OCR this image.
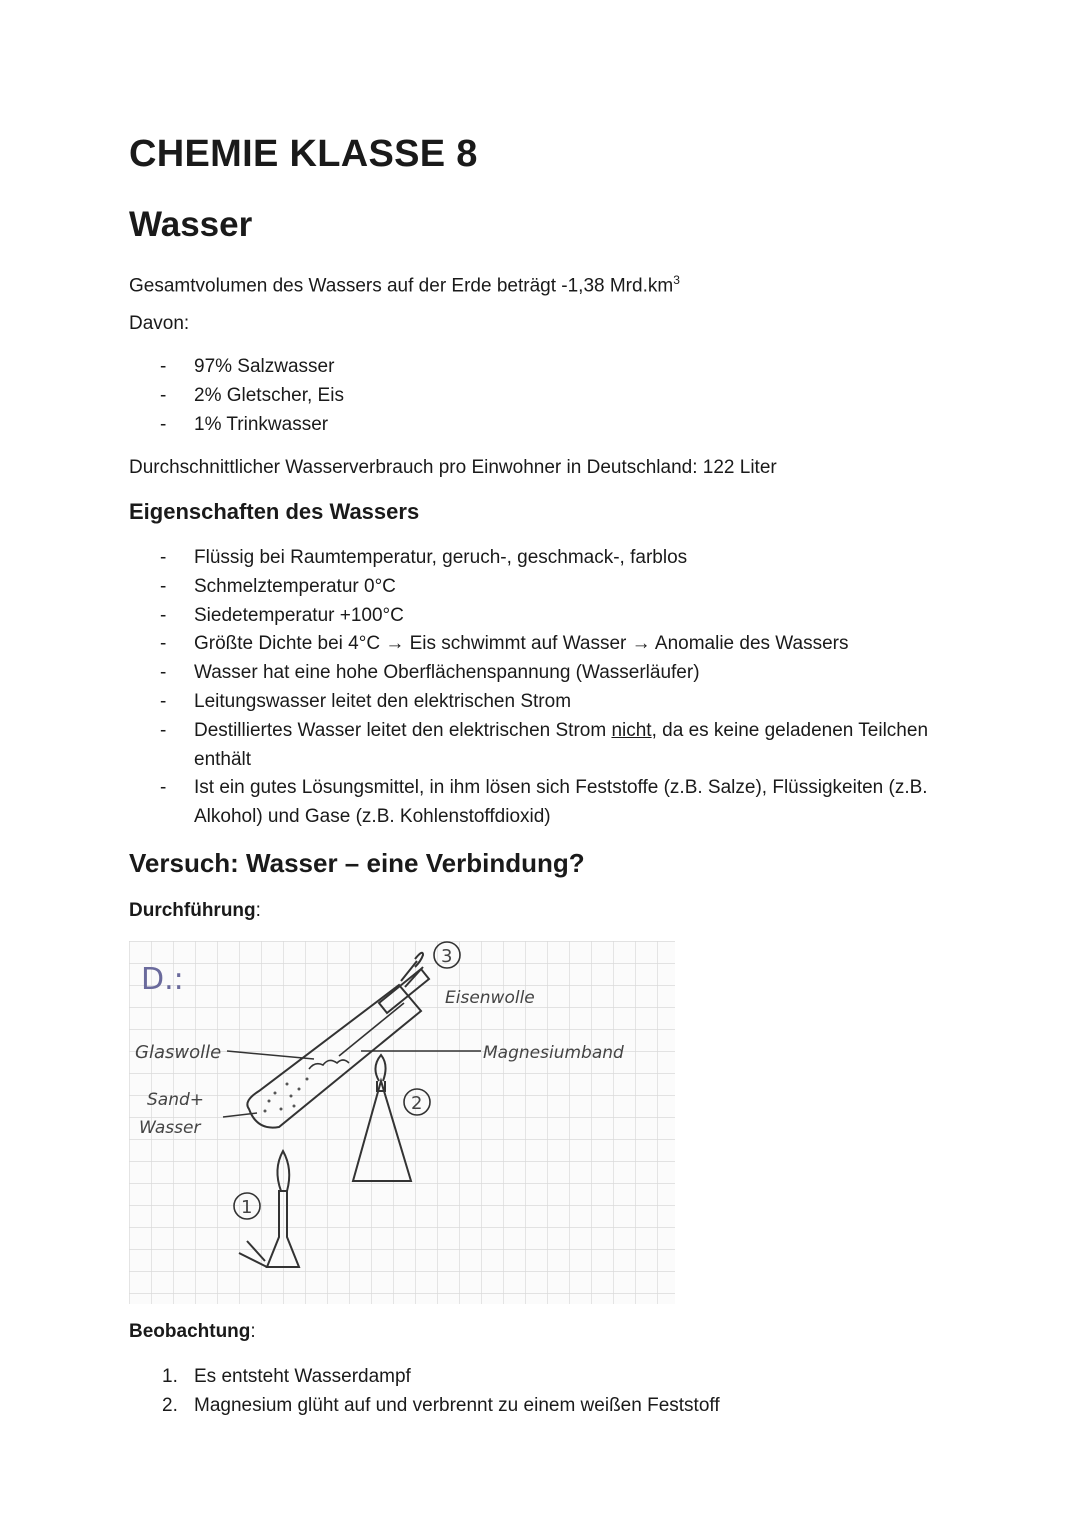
CHEMIE KLASSE 8
Wasser

Gesamtvolumen des Wassers auf der Erde beträgt -1,38 $Mrd.km^3$

Davon:

- 97% Salzwasser
- 2% Gletscher, Eis
- 1% Trinkwasser

Durchschnittlicher Wasserverbrauch pro Einwohner in Deutschland: 122 Liter

Eigenschaften des Wassers
- Flüssig bei Raumtemperatur, geruch-, geschmack-, farblos
- Schmelztemperatur 0°C
- Siedetemperatur +100°C
- Größte Dichte bei 4°C → Eis schwimmt auf Wasser → Anomalie des Wassers
- Wasser hat eine hohe Oberflächenspannung (Wasserläufer)
- Leitungswasser leitet den elektrischen Strom
- Destilliertes Wasser leitet den elektrischen Strom nicht, da es keine geladenen Teilchen enthält
- Ist ein gutes Lösungsmittel, in ihm lösen sich Feststoffe (z.B. Salze), Flüssigkeiten (z.B. Alkohol) und Gase (z.B. Kohlenstoffdioxid)
Versuch: Wasser – eine Verbindung?

Durchführung:

Beobachtung:

1. Es entsteht Wasserdampf
2. Magnesium glüht auf und verbrennt zu einem weißen Feststoff
D.:
1
2
3
Glaswolle
Sand+
Wasser
Eisenwolle
Magnesiumband
